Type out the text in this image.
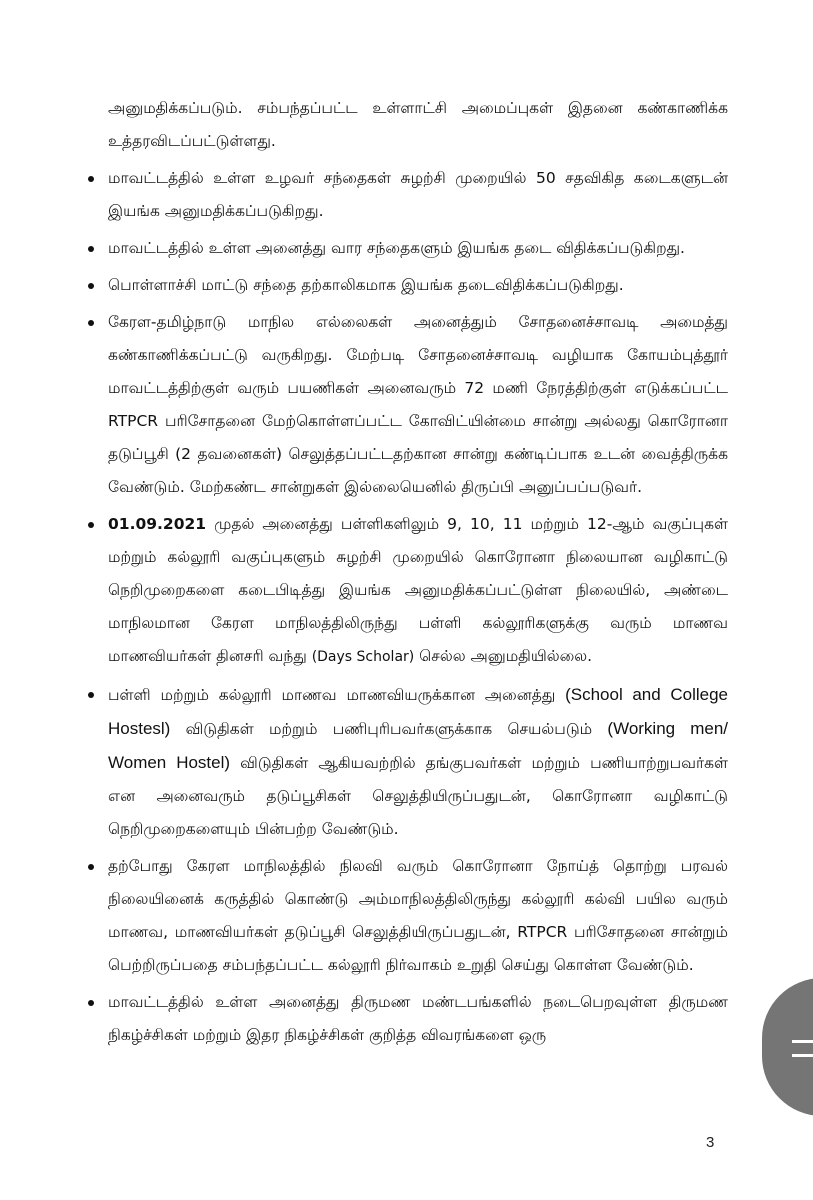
அனுமதிக்கப்படும். சம்பந்தப்பட்ட உள்ளாட்சி அமைப்புகள் இதனை கண்காணிக்க உத்தரவிடப்பட்டுள்ளது.

மாவட்டத்தில் உள்ள உழவர் சந்தைகள் சுழற்சி முறையில் 50 சதவிகித கடைகளுடன் இயங்க அனுமதிக்கப்படுகிறது.
மாவட்டத்தில் உள்ள அனைத்து வார சந்தைகளும் இயங்க தடை விதிக்கப்படுகிறது.
பொள்ளாச்சி மாட்டு சந்தை தற்காலிகமாக இயங்க தடைவிதிக்கப்படுகிறது.
கேரள-தமிழ்நாடு மாநில எல்லைகள் அனைத்தும் சோதனைச்சாவடி அமைத்து கண்காணிக்கப்பட்டு வருகிறது. மேற்படி சோதனைச்சாவடி வழியாக கோயம்புத்தூர் மாவட்டத்திற்குள் வரும் பயணிகள் அனைவரும் 72 மணி நேரத்திற்குள் எடுக்கப்பட்ட RTPCR பரிசோதனை மேற்கொள்ளப்பட்ட கோவிட்யின்மை சான்று அல்லது கொரோனா தடுப்பூசி (2 தவனைகள்) செலுத்தப்பட்டதற்கான சான்று கண்டிப்பாக உடன் வைத்திருக்க வேண்டும். மேற்கண்ட சான்றுகள் இல்லையெனில் திருப்பி அனுப்பப்படுவர்.
01.09.2021 முதல் அனைத்து பள்ளிகளிலும் 9, 10, 11 மற்றும் 12-ஆம் வகுப்புகள் மற்றும் கல்லூரி வகுப்புகளும் சுழற்சி முறையில் கொரோனா நிலையான வழிகாட்டு நெறிமுறைகளை கடைபிடித்து இயங்க அனுமதிக்கப்பட்டுள்ள நிலையில், அண்டை மாநிலமான கேரள மாநிலத்திலிருந்து பள்ளி கல்லூரிகளுக்கு வரும் மாணவ மாணவியர்கள் தினசரி வந்து (Days Scholar) செல்ல அனுமதியில்லை.
பள்ளி மற்றும் கல்லூரி மாணவ மாணவியருக்கான அனைத்து (School and College Hostesl) விடுதிகள் மற்றும் பணிபுரிபவர்களுக்காக செயல்படும் (Working men/ Women Hostel) விடுதிகள் ஆகியவற்றில் தங்குபவர்கள் மற்றும் பணியாற்றுபவர்கள் என அனைவரும் தடுப்பூசிகள் செலுத்தியிருப்பதுடன், கொரோனா வழிகாட்டு நெறிமுறைகளையும் பின்பற்ற வேண்டும்.
தற்போது கேரள மாநிலத்தில் நிலவி வரும் கொரோனா நோய்த் தொற்று பரவல் நிலையினைக் கருத்தில் கொண்டு அம்மாநிலத்திலிருந்து கல்லூரி கல்வி பயில வரும் மாணவ, மாணவியர்கள் தடுப்பூசி செலுத்தியிருப்பதுடன், RTPCR பரிசோதனை சான்றும் பெற்றிருப்பதை சம்பந்தப்பட்ட கல்லூரி நிர்வாகம் உறுதி செய்து கொள்ள வேண்டும்.
மாவட்டத்தில் உள்ள அனைத்து திருமண மண்டபங்களில் நடைபெறவுள்ள திருமண நிகழ்ச்சிகள் மற்றும் இதர நிகழ்ச்சிகள் குறித்த விவரங்களை ஒரு
3
